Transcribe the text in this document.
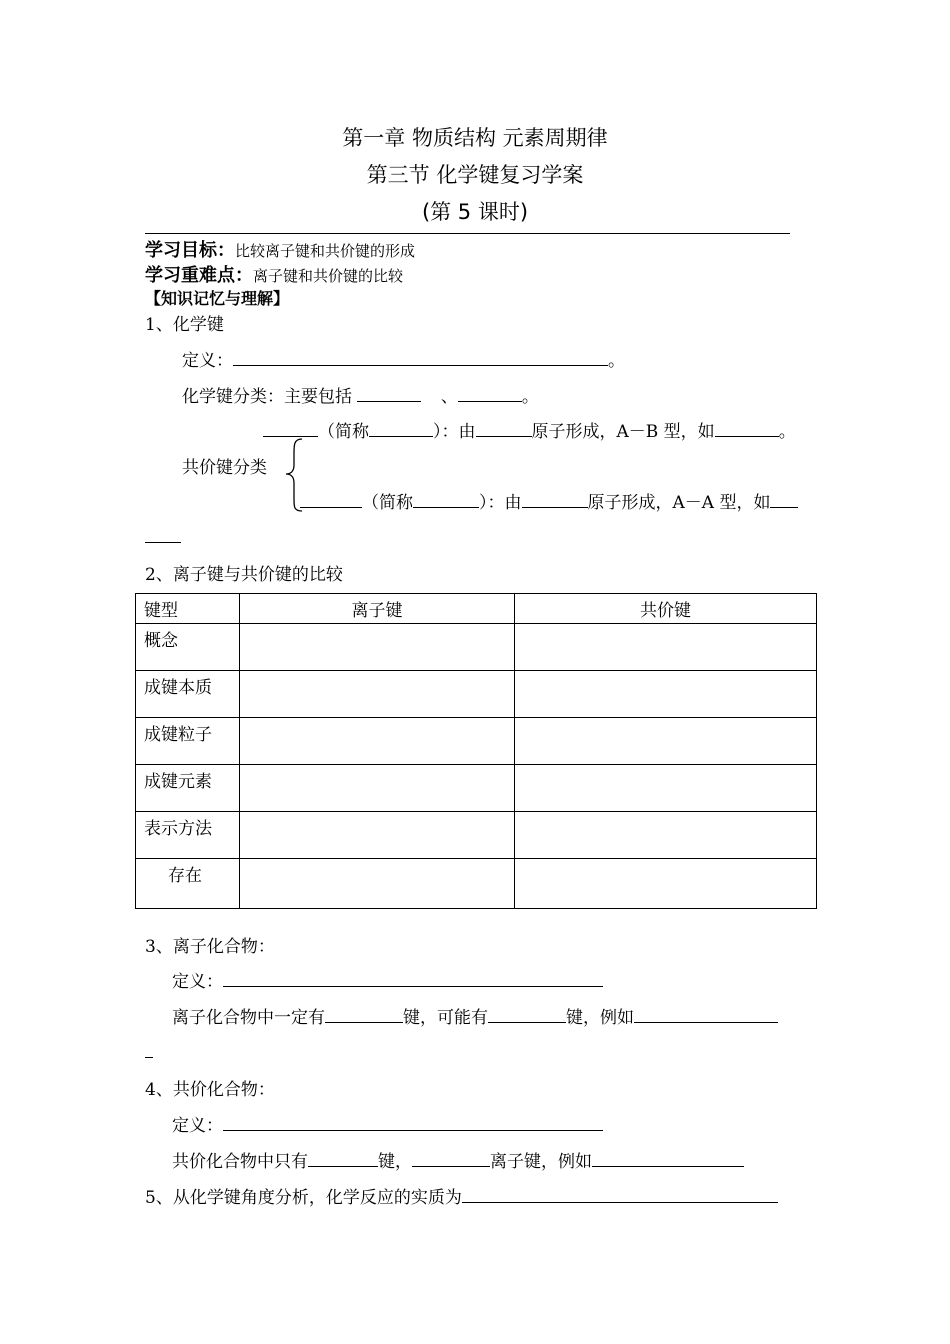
第一章 物质结构 元素周期律
第三节 化学键复习学案
(第 5 课时)
学习目标：比较离子键和共价键的形成
学习重难点：离子键和共价键的比较
【知识记忆与理解】
1、化学键
定义：	。
化学键分类：主要包括	、	。
（简称	）：由	原子形成，A－B 型，如	。
共价键分类
（简称	）：由	原子形成，A－A 型，如
2、离子键与共价键的比较
键型	离子键	共价键
概念		
成键本质		
成键粒子		
成键元素		
表示方法		
存在		
3、离子化合物：
定义：
离子化合物中一定有	键，可能有	键，例如
4、共价化合物：
定义：
共价化合物中只有	键，	离子键，例如
5、从化学键角度分析，化学反应的实质为
